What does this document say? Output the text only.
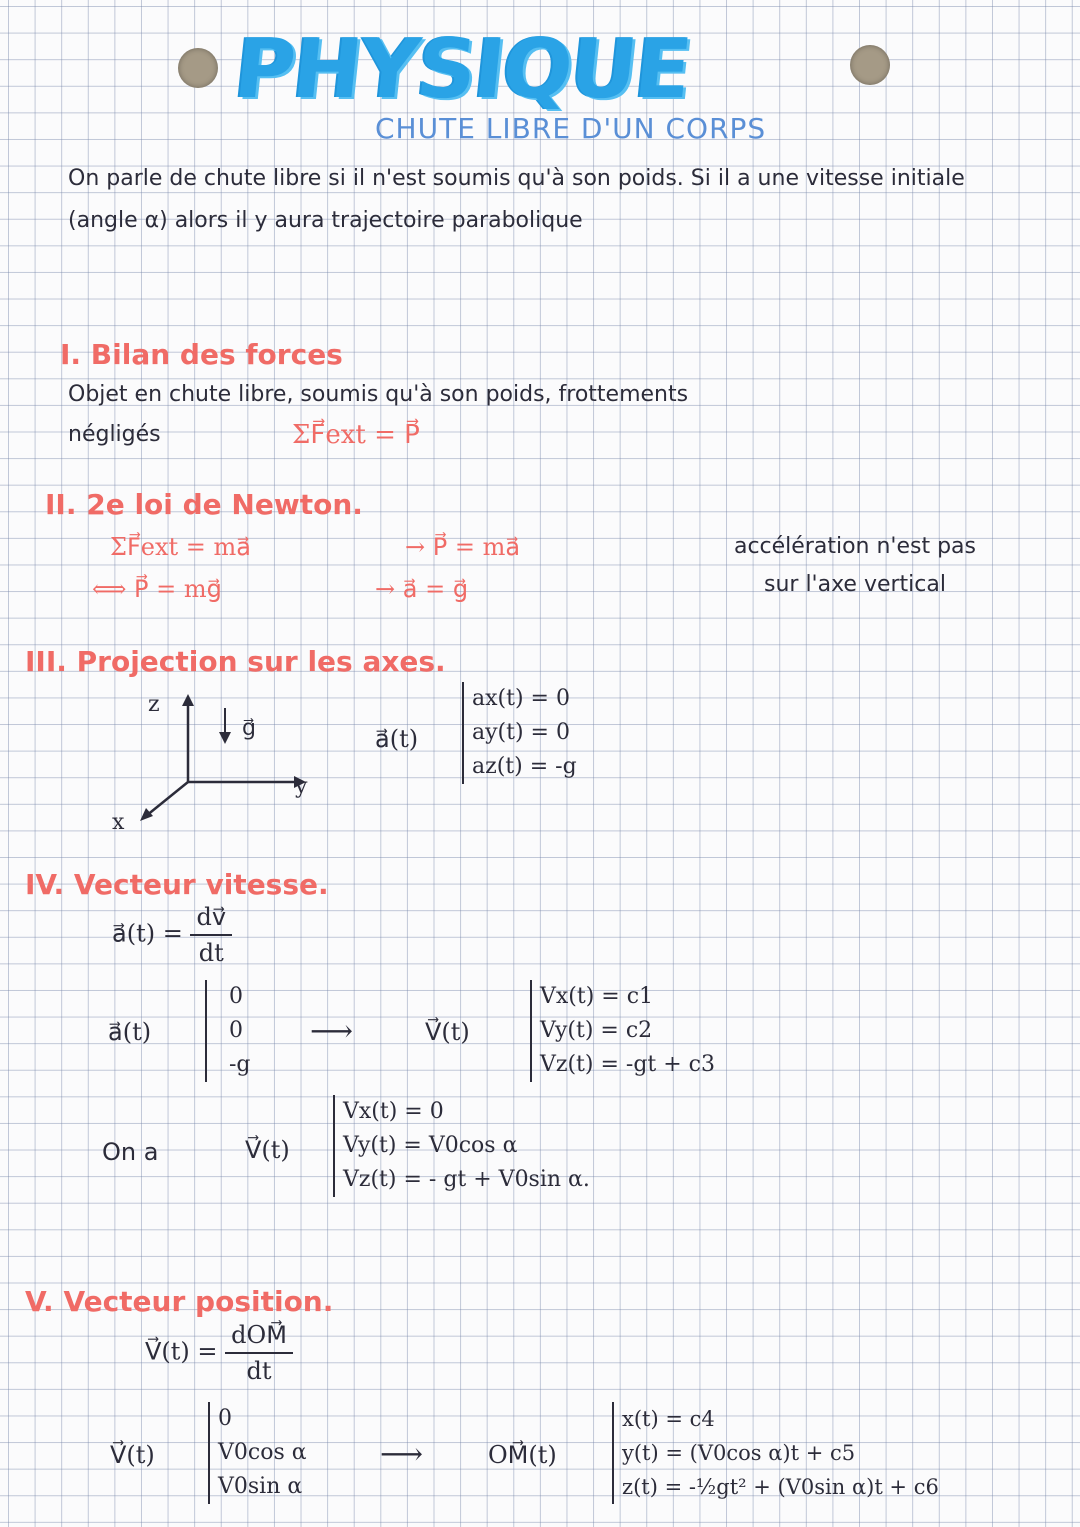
PHYSIQUE
CHUTE LIBRE D'UN CORPS
On parle de chute libre si il n'est soumis qu'à son poids. Si il a une vitesse initiale (angle α) alors il y aura trajectoire parabolique
I. Bilan des forces
Objet en chute libre, soumis qu'à son poids, frottements
négligés	ΣF⃗ext = P⃗
II. 2e loi de Newton.
ΣF⃗ext = ma⃗	→ P⃗ = ma⃗
⟺ P⃗ = mg⃗	→ a⃗ = g⃗
accélération n'est pas
sur l'axe vertical
III. Projection sur les axes.
z
y
x
g⃗	a⃗(t)
ax(t) = 0
ay(t) = 0
az(t) = -g
IV. Vecteur vitesse.
a⃗(t) = $\frac{dv⃗}{dt}$
a⃗(t)
0
0
-g
⟶	V⃗(t)
Vx(t) = c1
Vy(t) = c2
Vz(t) = -gt + c3
On a	V⃗(t)
Vx(t) = 0
Vy(t) = V0cos α
Vz(t) = - gt + V0sin α.
V. Vecteur position.
V⃗(t) = $\frac{\text{dOM⃗}}{dt}$
V⃗(t)
0
V0cos α
V0sin α
⟶	OM⃗(t)
x(t) = c4
y(t) = (V0cos α)t + c5
z(t) = -½gt² + (V0sin α)t + c6
